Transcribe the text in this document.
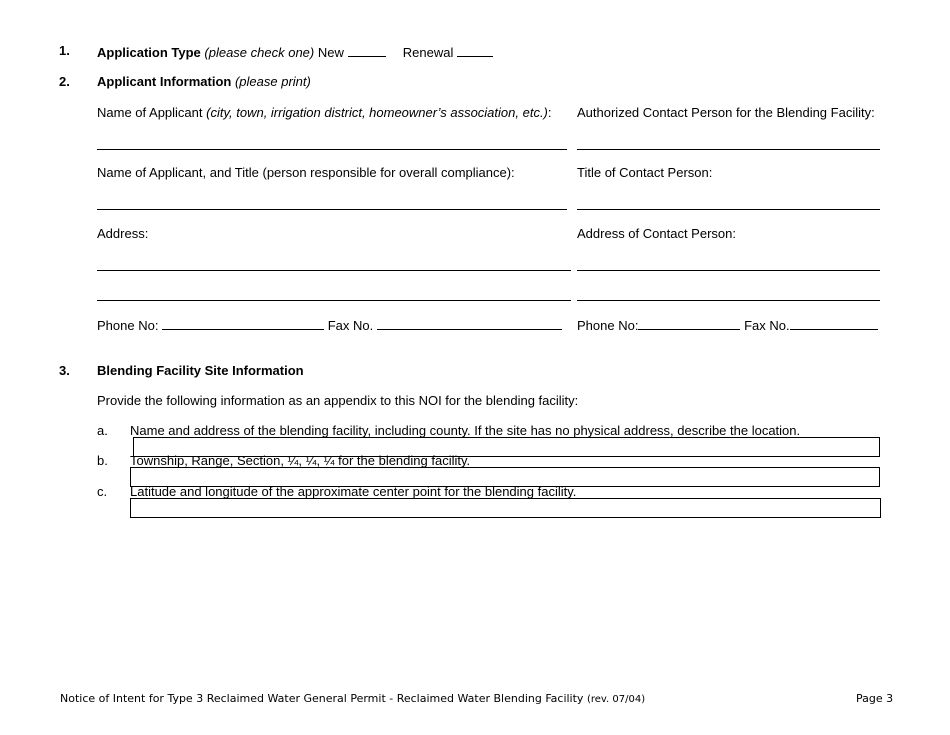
1. Application Type (please check one) New	Renewal
2. Applicant Information (please print)
Name of Applicant (city, town, irrigation district, homeowner’s association, etc.): Authorized Contact Person for the Blending Facility:
Name of Applicant, and Title (person responsible for overall compliance):	Title of Contact Person:
Address:	Address of Contact Person:
Phone No:	Fax No.	Phone No:	Fax No.
3. Blending Facility Site Information
Provide the following information as an appendix to this NOI for the blending facility:
a. Name and address of the blending facility, including county. If the site has no physical address, describe the location.
b. Township, Range, Section, ¼, ¼, ¼ for the blending facility.
c. Latitude and longitude of the approximate center point for the blending facility.
Notice of Intent for Type 3 Reclaimed Water General Permit - Reclaimed Water Blending Facility (rev. 07/04)	Page 3
